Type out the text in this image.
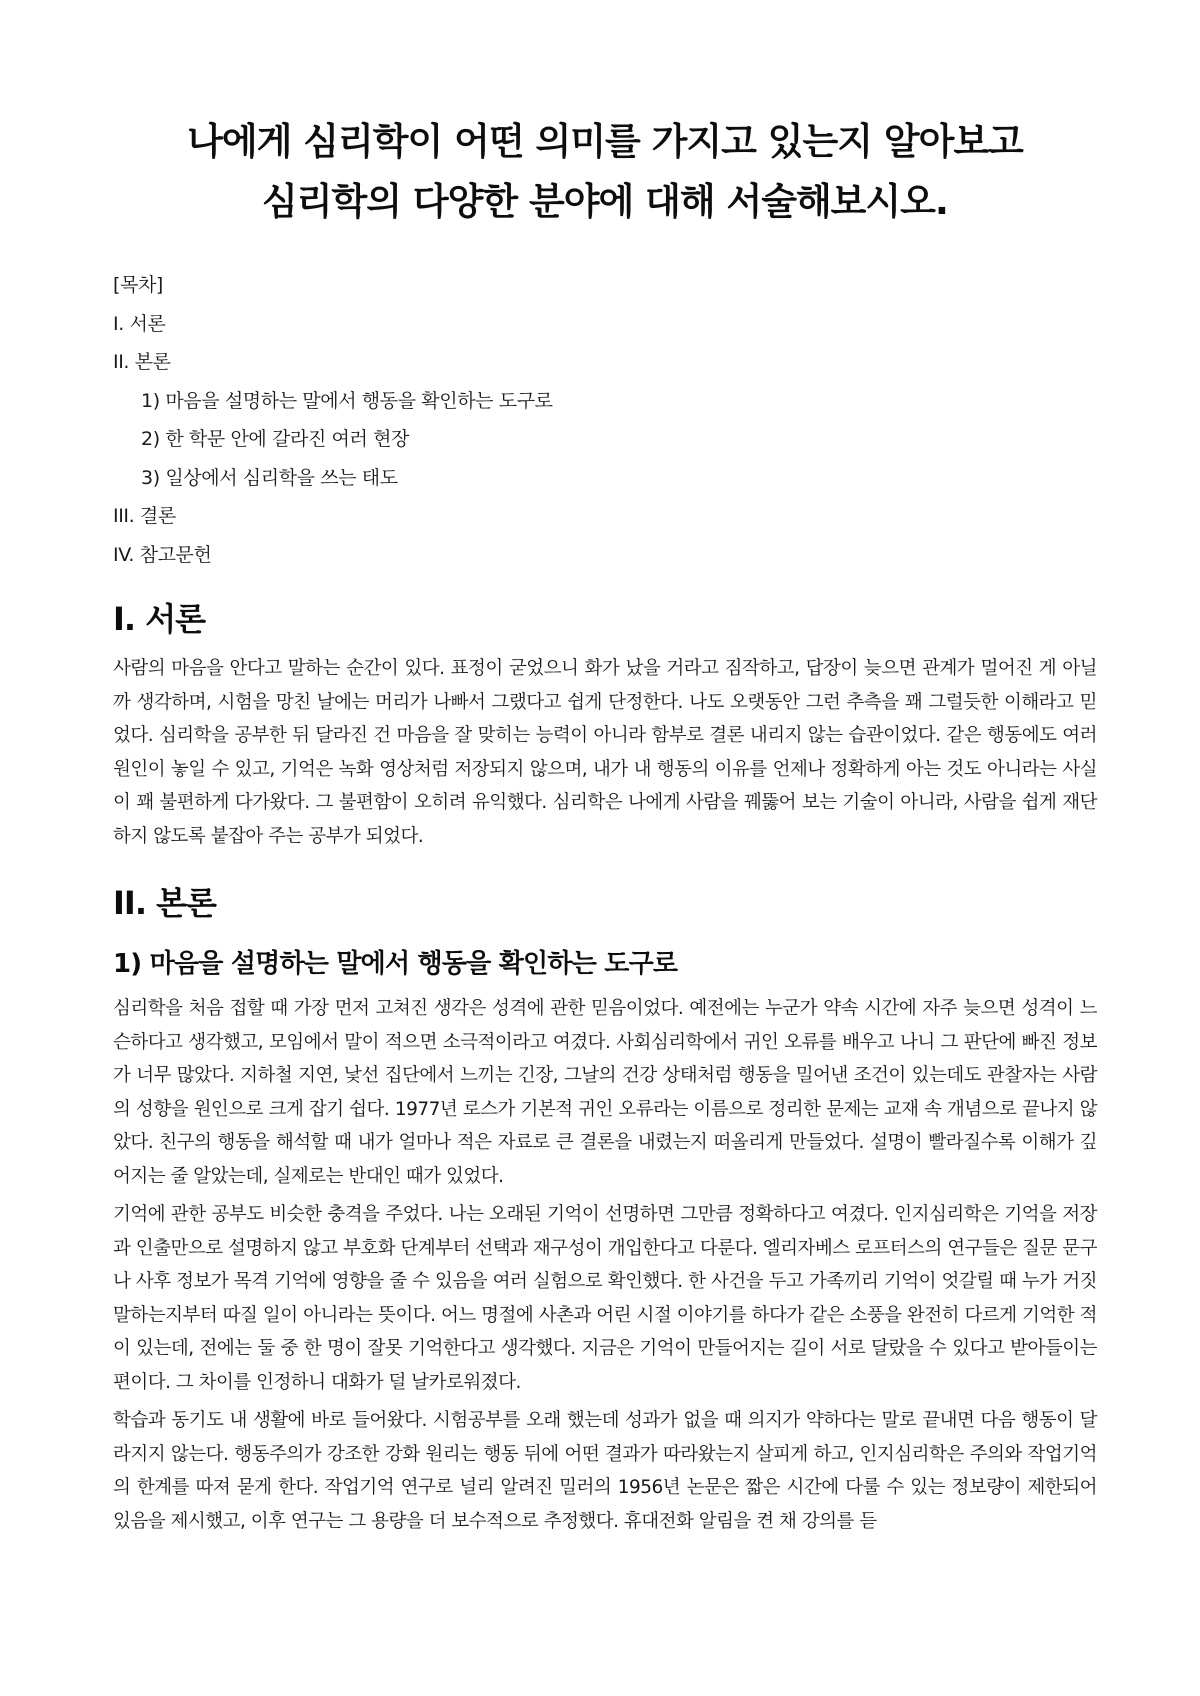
나에게 심리학이 어떤 의미를 가지고 있는지 알아보고 심리학의 다양한 분야에 대해 서술해보시오.
[목차]
I. 서론
II. 본론
1) 마음을 설명하는 말에서 행동을 확인하는 도구로
2) 한 학문 안에 갈라진 여러 현장
3) 일상에서 심리학을 쓰는 태도
III. 결론
IV. 참고문헌
I. 서론

사람의 마음을 안다고 말하는 순간이 있다. 표정이 굳었으니 화가 났을 거라고 짐작하고, 답장이 늦으면 관계가 멀어진 게 아닐까 생각하며, 시험을 망친 날에는 머리가 나빠서 그랬다고 쉽게 단정한다. 나도 오랫동안 그런 추측을 꽤 그럴듯한 이해라고 믿었다. 심리학을 공부한 뒤 달라진 건 마음을 잘 맞히는 능력이 아니라 함부로 결론 내리지 않는 습관이었다. 같은 행동에도 여러 원인이 놓일 수 있고, 기억은 녹화 영상처럼 저장되지 않으며, 내가 내 행동의 이유를 언제나 정확하게 아는 것도 아니라는 사실이 꽤 불편하게 다가왔다. 그 불편함이 오히려 유익했다. 심리학은 나에게 사람을 꿰뚫어 보는 기술이 아니라, 사람을 쉽게 재단하지 않도록 붙잡아 주는 공부가 되었다.

II. 본론
1) 마음을 설명하는 말에서 행동을 확인하는 도구로

심리학을 처음 접할 때 가장 먼저 고쳐진 생각은 성격에 관한 믿음이었다. 예전에는 누군가 약속 시간에 자주 늦으면 성격이 느슨하다고 생각했고, 모임에서 말이 적으면 소극적이라고 여겼다. 사회심리학에서 귀인 오류를 배우고 나니 그 판단에 빠진 정보가 너무 많았다. 지하철 지연, 낯선 집단에서 느끼는 긴장, 그날의 건강 상태처럼 행동을 밀어낸 조건이 있는데도 관찰자는 사람의 성향을 원인으로 크게 잡기 쉽다. 1977년 로스가 기본적 귀인 오류라는 이름으로 정리한 문제는 교재 속 개념으로 끝나지 않았다. 친구의 행동을 해석할 때 내가 얼마나 적은 자료로 큰 결론을 내렸는지 떠올리게 만들었다. 설명이 빨라질수록 이해가 깊어지는 줄 알았는데, 실제로는 반대인 때가 있었다.

기억에 관한 공부도 비슷한 충격을 주었다. 나는 오래된 기억이 선명하면 그만큼 정확하다고 여겼다. 인지심리학은 기억을 저장과 인출만으로 설명하지 않고 부호화 단계부터 선택과 재구성이 개입한다고 다룬다. 엘리자베스 로프터스의 연구들은 질문 문구나 사후 정보가 목격 기억에 영향을 줄 수 있음을 여러 실험으로 확인했다. 한 사건을 두고 가족끼리 기억이 엇갈릴 때 누가 거짓말하는지부터 따질 일이 아니라는 뜻이다. 어느 명절에 사촌과 어린 시절 이야기를 하다가 같은 소풍을 완전히 다르게 기억한 적이 있는데, 전에는 둘 중 한 명이 잘못 기억한다고 생각했다. 지금은 기억이 만들어지는 길이 서로 달랐을 수 있다고 받아들이는 편이다. 그 차이를 인정하니 대화가 덜 날카로워졌다.

학습과 동기도 내 생활에 바로 들어왔다. 시험공부를 오래 했는데 성과가 없을 때 의지가 약하다는 말로 끝내면 다음 행동이 달라지지 않는다. 행동주의가 강조한 강화 원리는 행동 뒤에 어떤 결과가 따라왔는지 살피게 하고, 인지심리학은 주의와 작업기억의 한계를 따져 묻게 한다. 작업기억 연구로 널리 알려진 밀러의 1956년 논문은 짧은 시간에 다룰 수 있는 정보량이 제한되어 있음을 제시했고, 이후 연구는 그 용량을 더 보수적으로 추정했다. 휴대전화 알림을 켠 채 강의를 듣
